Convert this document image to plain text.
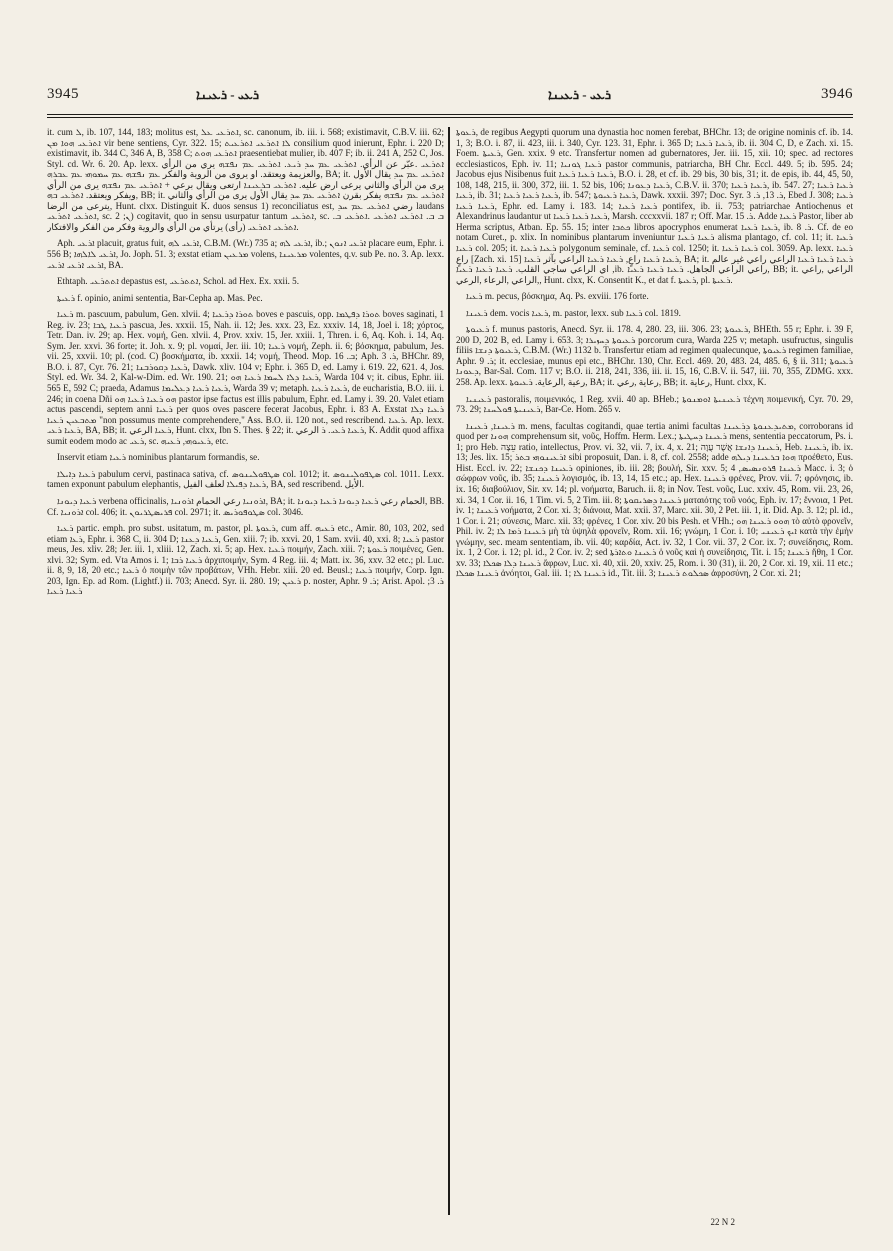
3945	ܪܥܝ - ܪܥܝܢܐ	ܪܥܝ - ܪܥܝܢܐ	3946

it. cum ܠ, ib. 107, 144, 183; molitus est, ܐܬܪܥܝ ܥܠ, sc. canonum, ib. iii. i. 568; existimavit, C.B.V. iii. 62; ܐܬܪܥܝ ܗܘܐ ܡܢ vir bene sentiens, Cyr. 322. 15; ܠܐ ܐܬܪܥܝ ܐܬܪܥܝܬ consilium quod inierunt, Ephr. i. 220 D; existimavit, ib. 344 C, 346 A, B, 358 C; ܐܬܪܥܝ ܗܘܬ praesentiebat mulier, ib. 407 F; ib. ii. 241 A, 252 C, Jos. Styl. cd. Wr. 6. 20. Ap. lexx. ܐܬܪܥܝ .عبّر عن الرأي. ܐܬܪܥܝ ܥܡ ܚܕ ܪܝܥ. ܐܬܪܥܝ ܥܡ ܢܦܫܗ يري من الرأي والعزيمة ويعتقد. او يروى من الروية والفكر ܥܡ ܢܦܫܗ ܥܡ ܚܡܘܗܝ ܥܡ ܥܒܪܗ, BA; it. ܐܬܪܥܝ ܥܡ ܚܕ يقال الأول يرى من الرأي والثاني يرعى ارض عليه. ܐܬܪܥܝ ܒܪܥܝܢܐ ارتعى ويقال برعي + ܐܬܪܥܝ ܥܡ ܢܦܫܗ يرى من الرأي ويفكر ويعتقد. ܐܬܪܥܝ ܒܗ, BB; it. ܐܬܪܥܝ ܥܡ ܢܦܫܗ يفكر بقرن ܐܬܪܥܝ ܥܡ ܚܕ يقال الأول يرى من الرأي والثاني يترعى من الرضا, Hunt. clxx. Distinguit K. duos sensus 1) reconciliatus est, رضي ܐܬܪܥܝ ܥܡ ܚܕ laudans ܐܬܪܥܝ ܐܬܪܥܝ, sc. ܢ; 2) cogitavit, quo in sensu usurpatur tantum ܐܬܪܥܝ, sc. ܒ ܒ. ܐܬܪܥܝ ܐܬܪܥܝ .ܐܬܪܥܝ ܒ. ܐܬܪܥܝ ܐܬܪܥܝ (رأى) يرتأي من الرأي والروية وفكر من الفكر والافتكار.

Aph. ܐܪܥܝ placuit, gratus fuit, ܐܪܥܝ ܠܗ, C.B.M. (Wr.) 735 a; ܐܪܥܝ ܠܗ, ib.; ܐܪܥܝ ܐܢܘܢ placare eum, Ephr. i. 556 B; ܐܪܥܝ ܠܐܠܗܐ, Jo. Joph. 51. 3; exstat etiam ܡܪܥܝܢ volens, ܡܪܥܝܢܐ volentes, q.v. sub Pe. no. 3. Ap. lexx. ܐܪܥܝ ܐܪܥܝ ܐܪܥܝ, BA.

Ethtaph. ܐܬܬܪܥܝ depastus est, ܐܬܬܪܥܝ, Schol. ad Hex. Ex. xxii. 5.

ܪܥܝܬܐ f. opinio, animi sententia, Bar-Cepha ap. Mas. Pec.

ܪܥܝܐ m. pascuum, pabulum, Gen. xlvii. 4; ܬܘܪܐ ܕܪܥܝܐ boves e pascuis, opp. ܬܘܪܐ ܕܦܛܡܐ boves saginati, 1 Reg. iv. 23; ܪܥܝܐ ܛܒܐ pascua, Jes. xxxii. 15, Nah. ii. 12; Jes. xxx. 23, Ez. xxxiv. 14, 18, Joel i. 18; χόρτος, Tetr. Dan. iv. 29; ap. Hex. νομή, Gen. xlvii. 4, Prov. xxiv. 15, Jer. xxiii. 1, Thren. i. 6, Aq. Koh. i. 14, Aq. Sym. Jer. xxvi. 36 forte; it. Joh. x. 9; pl. νομαί, Jer. iii. 10; ܪܥܝܐ νομή, Zeph. ii. 6; βόσκημα, pabulum, Jes. vii. 25, xxvii. 10; pl. (cod. C) βοσκήματα, ib. xxxii. 14; νομή, Theod. Mop. ܒ. 16; Aph. ܪ. 3, BHChr. 89, B.O. i. 87, Cyr. 76. 21; ܪܥܝܐ ܕܩܘܪܒܢܐ, Dawk. xliv. 104 v; Ephr. i. 365 D, ed. Lamy i. 619. 22, 621. 4, Jos. Styl. ed. Wr. 34. 2, Kal-w-Dim. ed. Wr. 190. 21; ܪܥܝܐ ܕܠܐ ܠܚܡܐ ܪܥܝܐ ܗܘ, Warda 104 v; it. cibus, Ephr. iii. 565 E, 592 C; praeda, Adamus ܪܥܝܐ ܪܥܝܐ ܕܥܠܝܡܐ, Warda 39 v; metaph. ܪܥܝܐ ܪܥܝܐ, de eucharistia, B.O. iii. i. 246; in coena Dñi ܗܘ ܪܥܝܐ ܪܥܝܐ ܗܘ pastor ipse factus est illis pabulum, Ephr. ed. Lamy i. 39. 20. Valet etiam actus pascendi, septem anni ܪܥܝܐ per quos oves pascere fecerat Jacobus, Ephr. i. 83 A. Exstat ܪܥܝܐ ܕܠܐ ܡܬܒܥܝܢ ܪܥܝܐ "non possumus mente comprehendere," Ass. B.O. ii. 120 not., sed rescribend. ܪܥܝܐ. Ap. lexx. ܪܥܝܐ ܪܥܝ, BA, BB; it. ܪܥܝܐ الرعي, Hunt. clxx, Ibn S. Thes. § 22; it. ܪܥܝܐ ܪܥܝ. ܪ الرعي, K. Addit quod affixa sumit eodem modo ac ܪܥܝ, sc. ܪܥܝܘܗܝ, ܪܥܝܗ, etc.

Inservit etiam ܪܥܝܐ nominibus plantarum formandis, se.

ܪܥܝܐ ܕܐܝܠܐ pabulum cervi, pastinaca sativa, cf. ܣܛܦܘܠܝܢܘܣ col. 1012; it. ܣܛܦܘܠܝܢܘܣ col. 1011. Lexx. tamen exponunt pabulum elephantis, ܪܥܝܐ ܕܦܝܠܐ لعلف الفيل, BA, sed rescribend. الأيل.

ܪܥܝܐ ܕܝܘܢܐ verbena officinalis, ܐܪܘܢܝܐ رعي الحمام ܐܪܘܢܝܐ, BA; it. الحمام رعي ܪܥܝܐ ܕܝܘܢܐ ܪܥܝܐ ܕܝܘܢܐ, BB. Cf. ܐܪܘܢܝܐ col. 406; it. ܦܪܝܣܛܪܝܘܢ col. 2971; it. ܣܛܘܦܘܪܝܣ col. 3046.

ܪܥܝܐ partic. emph. pro subst. usitatum, m. pastor, pl. ܪܥܘܬܐ, cum aff. ܪܥܝܗ etc., Amir. 80, 103, 202, sed etiam ܪܥܐ, Ephr. i. 368 C, ii. 304 D; ܪܥܝܐ ܕܥܢܐ, Gen. xiii. 7; ib. xxvi. 20, 1 Sam. xvii. 40, xxi. 8; ܪܥܝܐ pastor meus, Jes. xliv. 28; Jer. iii. 1, xliii. 12, Zach. xi. 5; ap. Hex. ܪܥܝܐ ποιμήν, Zach. xiii. 7; ܪܥܘܬܐ ποιμένες, Gen. xlvi. 32; Sym. ed. Vta Amos i. 1; ܪܥܝܐ ܪܒܐ ἀρχιποιμήν, Sym. 4 Reg. iii. 4; Matt. ix. 36, xxv. 32 etc.; pl. Luc. ii. 8, 9, 18, 20 etc.; ܪܥܝܐ ὁ ποιμὴν τῶν προβάτων, VHh. Hebr. xiii. 20 ed. Beusl.; ܪܥܝܐ ποιμήν, Corp. Ign. 203, Ign. Ep. ad Rom. (Lightf.) ii. 703; Anecd. Syr. ii. 280. 19; ܪܥܝܢ p. noster, Aphr. ܪ. 9; Arist. Apol. ܪ. 3; ܪܥܝܐ ܪܥܝܐ

ܪܥܘܬܐ, de regibus Aegypti quorum una dynastia hoc nomen ferebat, BHChr. 13; de origine nominis cf. ib. 14. 1, 3; B.O. i. 87, ii. 423, iii. i. 340, Cyr. 123. 31, Ephr. i. 365 D; ܪܥܝܐ ܪܥܝܐ, ib. ii. 304 C, D, e Zach. xi. 15. Foem. ܪܥܝܬܐ, Gen. xxix. 9 etc. Transfertur nomen ad gubernatores, Jer. iii. 15, xii. 10; spec. ad rectores ecclesiasticos, Eph. iv. 11; ܪܥܝܐ ܓܘܢܝܐ pastor communis, patriarcha, BH Chr. Eccl. 449. 5; ib. 595. 24; Jacobus ejus Nisibenus fuit ܪܥܝܐ ܪܥܝܐ ܪܥܝܐ, B.O. i. 28, et cf. ib. 29 bis, 30 bis, 31; it. de epis, ib. 44, 45, 50, 108, 148, 215, ii. 300, 372, iii. 1. 52 bis, 106; ܪܥܝܐ ܕܥܘܢܐ, C.B.V. ii. 370; ܪܥܝܐ ܪܥܝܐ, ib. 547. 27; ܪܥܝܐ ܪܥܝܐ ܪܥܝܐ, ib. 31; ܪܥܝܐ ܪܥܝܐ ܪܥܝܐ, ib. 547; ܪܥܝܐ ܪܥܝܘܬܐ, Dawk. xxxii. 397; Doc. Syr. ܪ. 13, ܪ. 3, Ebed J. 308; ܪܥܝܐ ܪܥܝܐ ܪܥܝܐ, Ephr. ed. Lamy i. 183. 14; ܪܥܝܐ ܪܥܝܐ pontifex, ib. ii. 753; patriarchae Antiochenus et Alexandrinus laudantur ut ܪܥܝܐ ܪܥܝܐ ܪܥܝܐ, Marsh. cccxxvii. 187 r; Off. Mar. ܪ. 15. Adde ܪܥܝܐ Pastor, liber ab Herma scriptus, Atban. Ep. 55. 15; inter ܟܬܒܐ libros apocryphos enumerat ܪܥܝܐ ܪܥܝܐ, ib. ܪ. 8. Cf. de eo notam Curet., p. xlix. In nominibus plantarum inveniuntur ܪܥܝܐ ܪܥܝܐ alisma plantago, cf. col. 11; it. ܪܥܝܐ ܪܥܝܐ col. 205; it. ܪܥܝܐ ܪܥܝܐ polygonum seminale, cf. ܪܥܝܐ col. 1250; it. ܪܥܝܐ ܪܥܝܐ col. 3059. Ap. lexx. ܪܥܝܐ راعٍ [Zach. xi. 15] ܪܥܝܐ ܪܥܝܐ راعٍ, ܪܥܝܐ ܪܥܝܐ الراعي بآثر ܪܥܝܐ, BA; it. ܪܥܝܐ ܪܥܝܐ ܪܥܝܐ الراعي راعي غير عالم اي الراعي ساجي القلب. ܪܥܝܐ ܪܥܝܐ ܪܥܝܐ ,ib. راعي الراعي الجاهل. ܪܥܝܐ ܪܥܝܐ ܪܥܝܐ, BB; it. الراعي ,راعي ,الراعي ,الرعاء ,الرعي, Hunt. clxx, K. Consentit K., et dat f. ܪܥܝܬܐ, pl. ܪܥܝܬܐ.

ܪܥܝܐ m. pecus, βόσκημα, Aq. Ps. exviii. 176 forte.

ܪܥܝܢܐ dem. vocis ܪܥܝܐ, m. pastor, lexx. sub ܪܥܝܐ col. 1819.

ܪܥܝܘܬܐ f. munus pastoris, Anecd. Syr. ii. 178. 4, 280. 23, iii. 306. 23; ܪܥܝܘܬܐ, BHEth. 55 r; Ephr. i. 39 F, 200 D, 202 B, ed. Lamy i. 653. 3; ܪܥܝܘܬܐ ܕܚܙܝܪܐ porcorum cura, Warda 225 v; metaph. usufructus, singulis filiis ܪܥܝܘܬܐ ܕܢܫܐ, C.B.M. (Wr.) 1132 b. Transfertur etiam ad regimen qualecunque, ܪܥܝܘܬܐ regimen familiae, Aphr. ܪ. 9; it. ecclesiae, munus epi etc., BHChr. 130, Chr. Eccl. 469. 20, 483. 24, 485. 6, § ii. 311; ܪܥܝܘܬܐ ܕܥܘܢܐ, Bar-Sal. Com. 117 v; B.O. ii. 218, 241, 336, iii. ii. 15, 16, C.B.V. ii. 547, iii. 70, 355, ZDMG. xxx. 258. Ap. lexx. رعية ,الرعاية. ܪܥܝܘܬܐ, BA; it. رعاية ,رعي, BB; it. رعاية, Hunt. clxx, K.

ܪܥܝܢܝܐ pastoralis, ποιμενικός, 1 Reg. xvii. 40 ap. BHeb.; ܪܥܝܢܝܬܐ ܐܘܡܢܘܬܐ τέχνη ποιμενική, Cyr. 70. 29, 73. 29; ܪܥܝܢܝܬܐ ܦܘܠܚܢܐ, Bar-Ce. Hom. 265 v.

ܪܥܝܢܐ, ܪܥܝܢܐ m. mens, facultas cogitandi, quae tertia animi facultas ܡܬܝܕܥܢܘܬܐ ܕܪܥܝܢܐ, corroborans id quod per ܗܘܢܐ comprehensum sit, νοῦς, Hoffm. Herm. Lex.; ܪܥܝܢܐ ܕܚܛܝܬܐ mens, sententia peccatorum, Ps. i. 1; pro Heb. עֵצָה ratio, intellectus, Prov. vi. 32, vii. 7, ix. 4, x. 21; ܪܥܝܢܐ ܕܐܢܫܐ אֲשֶׁר עֲוָה, Heb. ܪܥܝܢܐ, ib. ix. 13; Jes. lix. 15; ܐܪܥܝܢܘܗܝ ܒܬܪ sibi proposuit, Dan. i. 8, cf. col. 2558; adde ܗܘܐ ܒܪܥܝܢܐ ܕܝܠܗ προέθετο, Eus. Hist. Eccl. iv. 22; ܪܥܝܢܐ ܕܟܢܫܐ opiniones, ib. iii. 28; βουλή, Sir. xxv. 5; ܪܥܝܢܐ ܦܪܘܢܣܝܣ, 4 Macc. i. 3; ὁ σώφρων νοῦς, ib. 35; ܪܥܝܢܐ λογισμός, ib. 13, 14, 15 etc.; ap. Hex. ܪܥܝܢܐ φρένες, Prov. vii. 7; φρόνησις, ib. ix. 16; διαβούλιον, Sir. xv. 14; pl. νοήματα, Baruch. ii. 8; in Nov. Test. νοῦς, Luc. xxiv. 45, Rom. vii. 23, 26, xi. 34, 1 Cor. ii. 16, 1 Tim. vi. 5, 2 Tim. iii. 8; ܪܥܝܢܐ ܕܣܪܝܩܘܬܐ ματαιότης τοῦ νοός, Eph. iv. 17; ἔννοια, 1 Pet. iv. 1; ܪܥܝܢܐ νοήματα, 2 Cor. xi. 3; διάνοια, Mat. xxii. 37, Marc. xii. 30, 2 Pet. iii. 1, it. Did. Ap. 3. 12; pl. id., 1 Cor. i. 21; σύνεσις, Marc. xii. 33; φρένες, 1 Cor. xiv. 20 bis Pesh. et VHh.; ܗܘܘ ܪܥܝܢܐ ܗܘ τὸ αὐτὸ φρονεῖν, Phil. iv. 2; ܪܥܝܢܐ ܪܡܐ ܠܐ μὴ τὰ ὑψηλὰ φρονεῖν, Rom. xii. 16; γνώμη, 1 Cor. i. 10; ܐܝܟ ܪܥܝܢܝ κατὰ τὴν ἐμὴν γνώμην, sec. meam sententiam, ib. vii. 40; καρδία, Act. iv. 32, 1 Cor. vii. 37, 2 Cor. ix. 7; συνείδησις, Rom. ix. 1, 2 Cor. i. 12; pl. id., 2 Cor. iv. 2; sed ܪܥܝܢܐ ܘܬܐܪܬܐ ὁ νοῦς καὶ ἡ συνείδησις, Tit. i. 15; ܪܥܝܢܐ ἤθη, 1 Cor. xv. 33; ܪܥܝܢܐ ܕܠܐ ܣܟܠܐ ἄφρων, Luc. xi. 40, xii. 20, xxiv. 25, Rom. i. 30 (31), ii. 20, 2 Cor. xi. 19, xii. 11 etc.; ܪܥܝܢܐ ܣܟܠܐ ἀνόητοι, Gal. iii. 1; ܪܥܝܢܐ ܠܐ id., Tit. iii. 3; ܣܟܠܘܬ ܪܥܝܢܐ ἀφροσύνη, 2 Cor. xi. 21;

22 N 2
